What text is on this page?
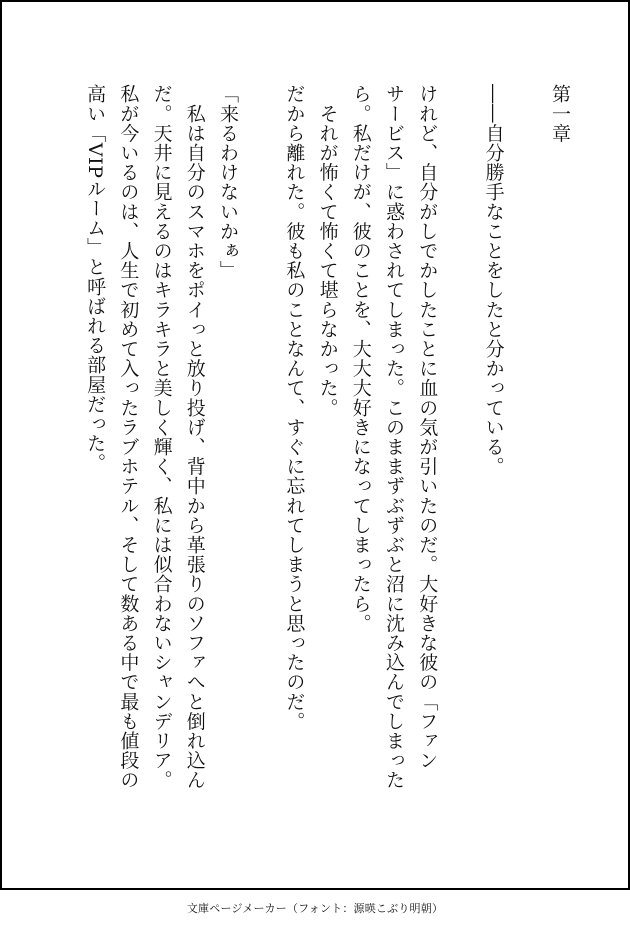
第一章

――自分勝手なことをしたと分かっている。

けれど、自分がしでかしたことに血の気が引いたのだ。大好きな彼の「ファン

サービス」に惑わされてしまった。このままずぶずぶと沼に沈み込んでしまった

ら。私だけが、彼のことを、大大大好きになってしまったら。

　それが怖くて怖くて堪らなかった。

だから離れた。彼も私のことなんて、すぐに忘れてしまうと思ったのだ。

「来るわけないかぁ」

　私は自分のスマホをポイっと放り投げ、背中から革張りのソファへと倒れ込ん

だ。天井に見えるのはキラキラと美しく輝く、私には似合わないシャンデリア。

私が今いるのは、人生で初めて入ったラブホテル、そして数ある中で最も値段の

高い「VIPルーム」と呼ばれる部屋だった。

文庫ページメーカー（フォント：源暎こぶり明朝）
